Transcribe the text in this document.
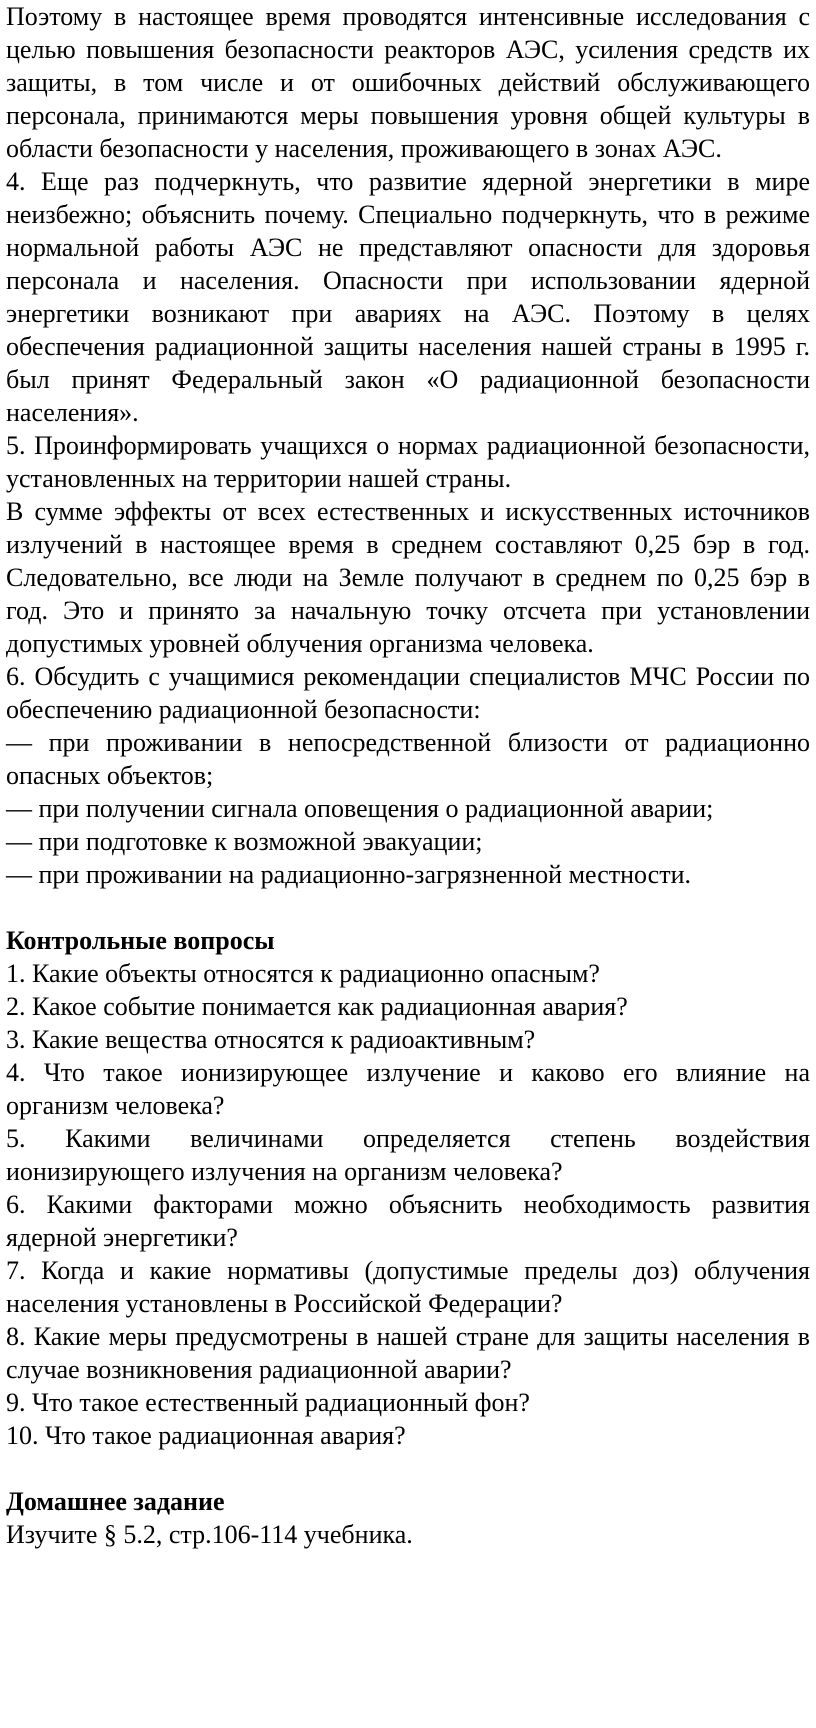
Поэтому в настоящее время проводятся интенсивные исследования с целью повышения безопасности реакторов АЭС, усиления средств их защиты, в том числе и от ошибочных действий обслуживающего персонала, принимаются меры повышения уровня общей культуры в области безопасности у населения, проживающего в зонах АЭС.

4. Еще раз подчеркнуть, что развитие ядерной энергетики в мире неизбежно; объяснить почему. Специально подчеркнуть, что в режиме нормальной работы АЭС не представляют опасности для здоровья персонала и населения. Опасности при использовании ядерной энергетики возникают при авариях на АЭС. Поэтому в целях обеспечения радиационной защиты населения нашей страны в 1995 г. был принят Федеральный закон «О радиационной безопасности населения».

5. Проинформировать учащихся о нормах радиационной безопасности, установленных на территории нашей страны.

В сумме эффекты от всех естественных и искусственных источников излучений в настоящее время в среднем составляют 0,25 бэр в год. Следовательно, все люди на Земле получают в среднем по 0,25 бэр в год. Это и принято за начальную точку отсчета при установлении допустимых уровней облучения организма человека.

6. Обсудить с учащимися рекомендации специалистов МЧС России по обеспечению радиационной безопасности:

— при проживании в непосредственной близости от радиационно опасных объектов;

— при получении сигнала оповещения о радиационной аварии;

— при подготовке к возможной эвакуации;

— при проживании на радиационно-загрязненной местности.

Контрольные вопросы

1. Какие объекты относятся к радиационно опасным?
2. Какое событие понимается как радиационная авария?
3. Какие вещества относятся к радиоактивным?
4. Что такое ионизирующее излучение и каково его влияние на организм человека?
5. Какими величинами определяется степень воздействия ионизирующего излучения на организм человека?
6. Какими факторами можно объяснить необходимость развития ядерной энергетики?
7. Когда и какие нормативы (допустимые пределы доз) облучения населения установлены в Российской Федерации?
8. Какие меры предусмотрены в нашей стране для защиты населения в случае возникновения радиационной аварии?
9. Что такое естественный радиационный фон?
10. Что такое радиационная авария?

Домашнее задание

Изучите § 5.2, стр.106-114 учебника.
